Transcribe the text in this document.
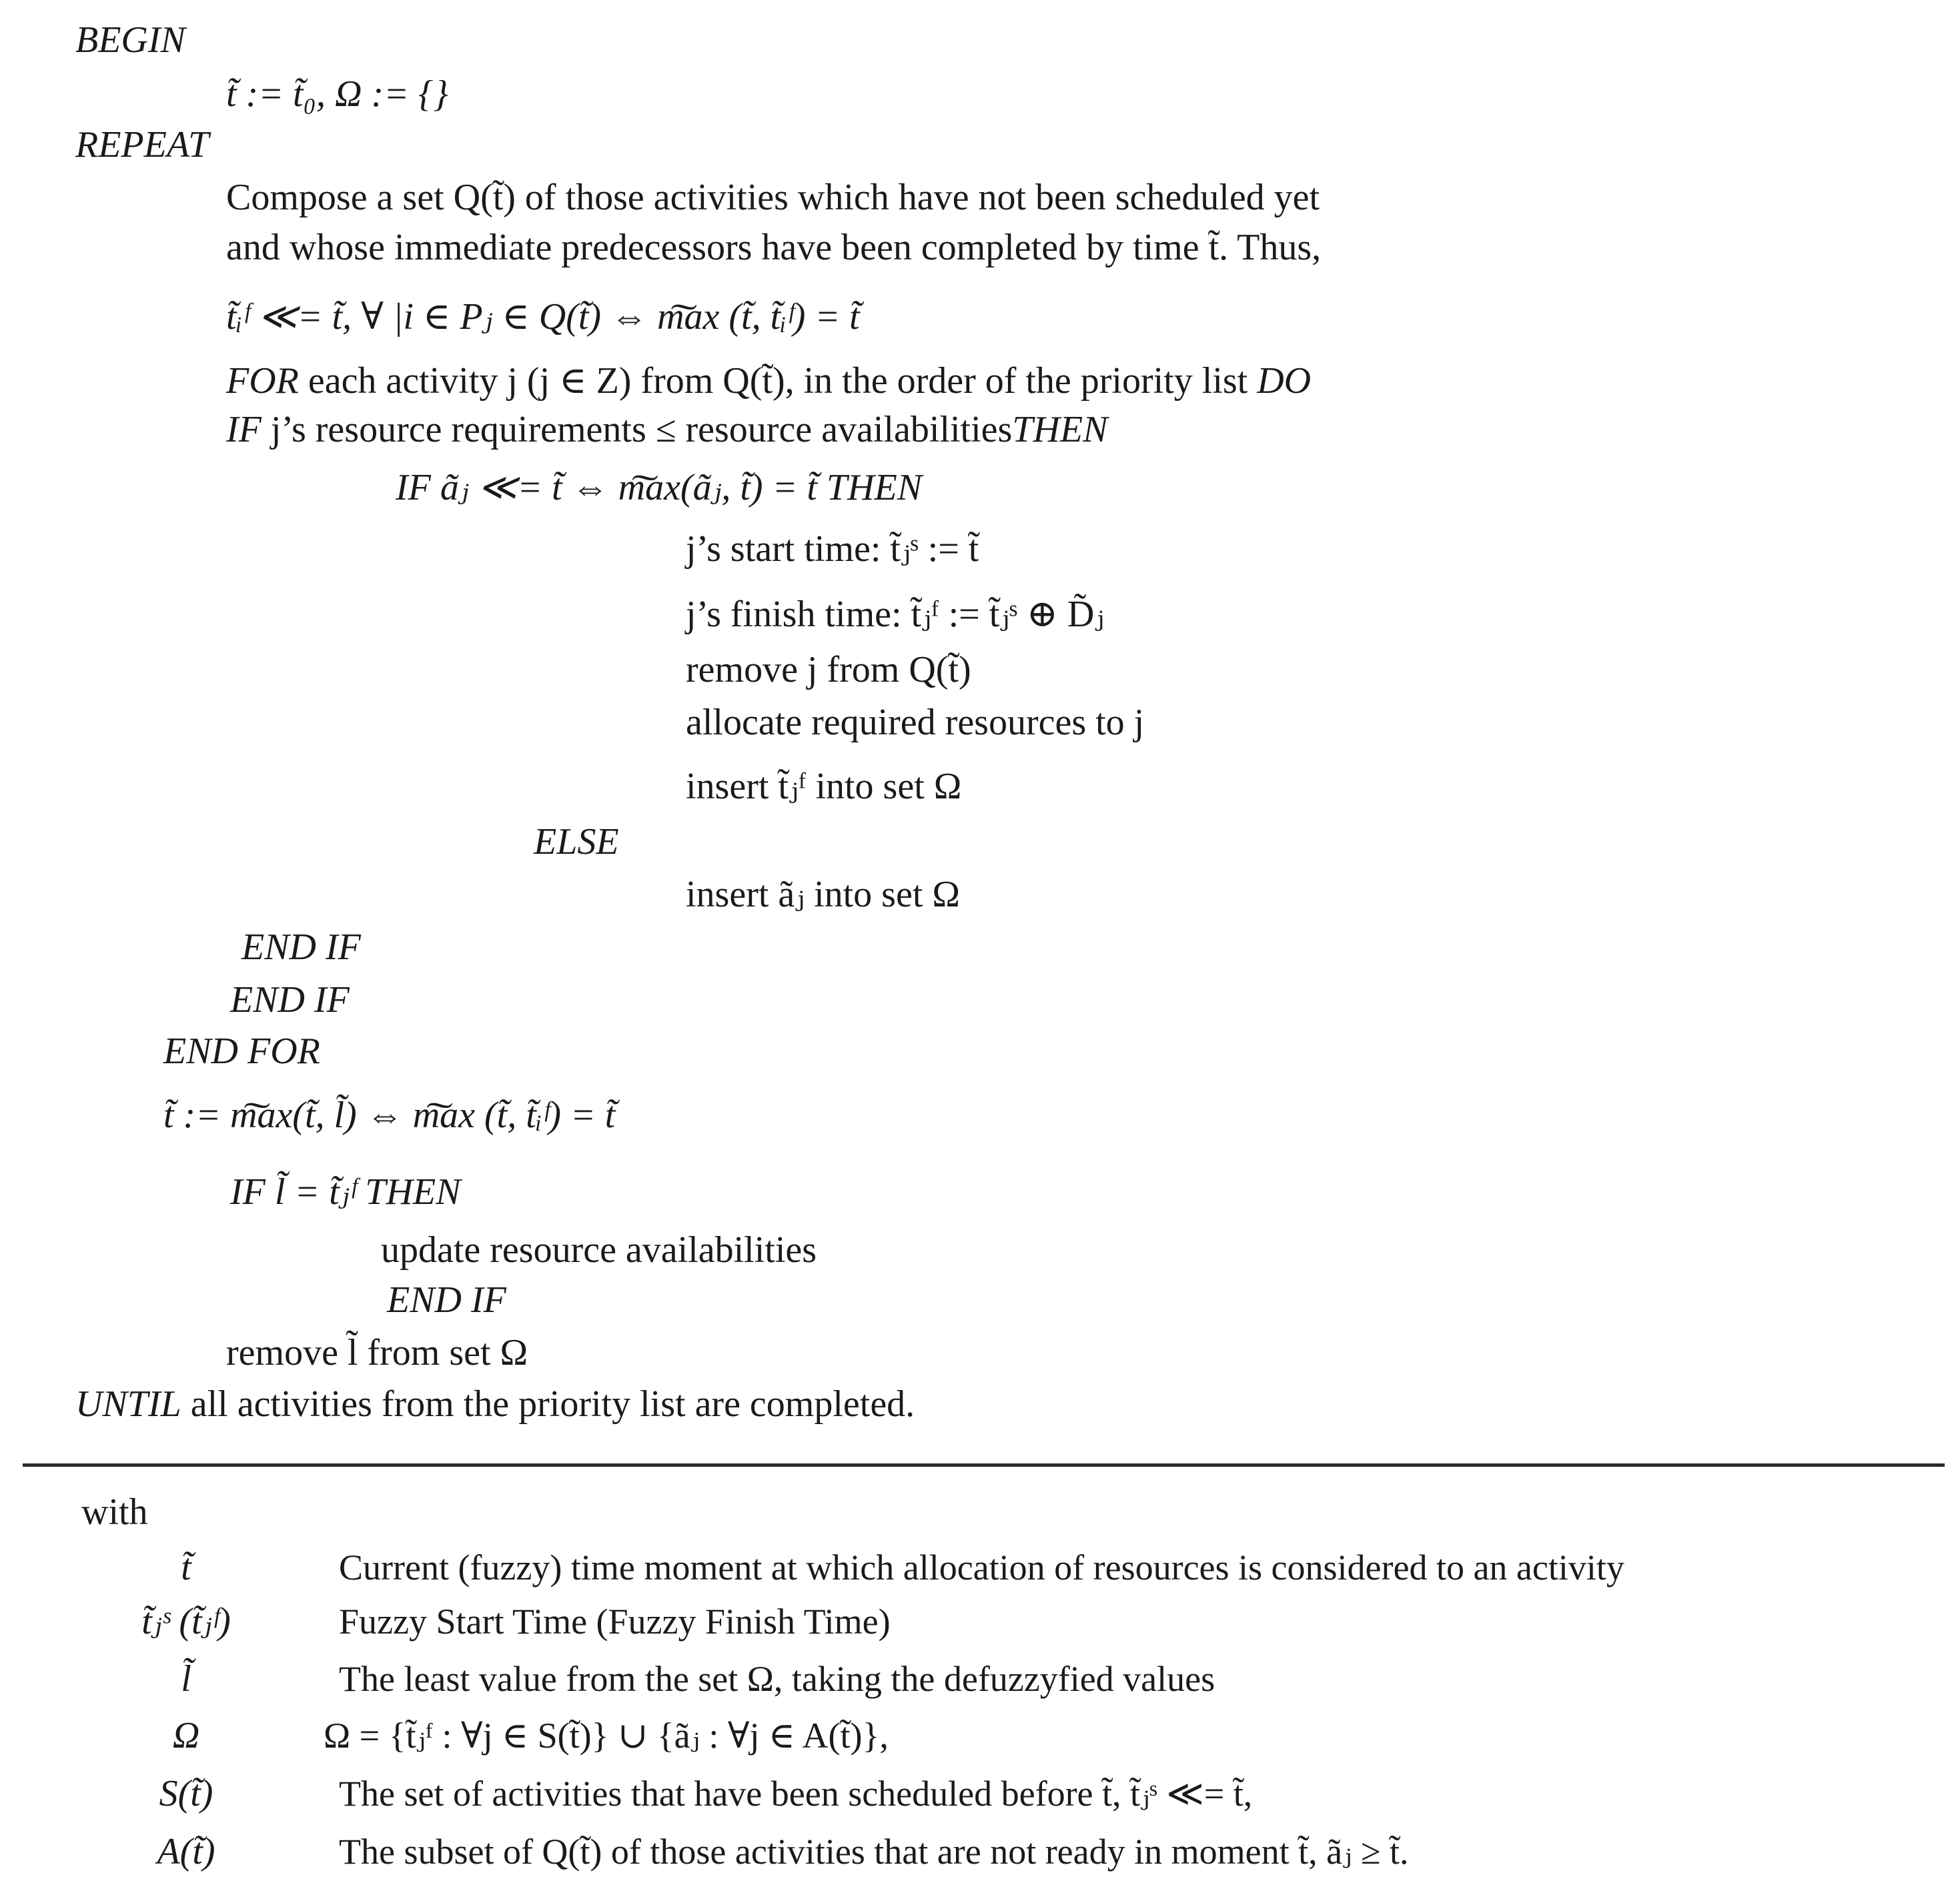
BEGIN
t̃ := t̃₀, Ω := {}
REPEAT
Compose a set Q(t̃) of those activities which have not been scheduled yet
and whose immediate predecessors have been completed by time t̃. Thus,
t̃ᵢᶠ ≪= t̃, ∀ |i ∈ Pⱼ ∈ Q(t̃) ⇔ m͠ax (t̃, t̃ᵢᶠ) = t̃
FOR each activity j (j ∈ Z) from Q(t̃), in the order of the priority list DO
IF j’s resource requirements ≤ resource availabilitiesTHEN
IF ãⱼ ≪= t̃ ⇔ m͠ax(ãⱼ, t̃) = t̃ THEN
j’s start time: t̃ⱼˢ := t̃
j’s finish time: t̃ⱼᶠ := t̃ⱼˢ ⊕ D̃ⱼ
remove j from Q(t̃)
allocate required resources to j
insert t̃ⱼᶠ into set Ω
ELSE
insert ãⱼ into set Ω
END IF
END IF
END FOR
t̃ := m͠ax(t̃, l̃) ⇔ m͠ax (t̃, t̃ᵢᶠ) = t̃
IF l̃ = t̃ⱼᶠ THEN
update resource availabilities
END IF
remove l̃ from set Ω
UNTIL all activities from the priority list are completed.
with
t̃	Current (fuzzy) time moment at which allocation of resources is considered to an activity
t̃ⱼˢ (t̃ⱼᶠ)	Fuzzy Start Time (Fuzzy Finish Time)
l̃	The least value from the set Ω, taking the defuzzyfied values
Ω	Ω = {t̃ⱼᶠ : ∀j ∈ S(t̃)} ∪ {ãⱼ : ∀j ∈ A(t̃)},
S(t̃)	The set of activities that have been scheduled before t̃, t̃ⱼˢ ≪= t̃,
A(t̃)	The subset of Q(t̃) of those activities that are not ready in moment t̃, ãⱼ ≥ t̃.
